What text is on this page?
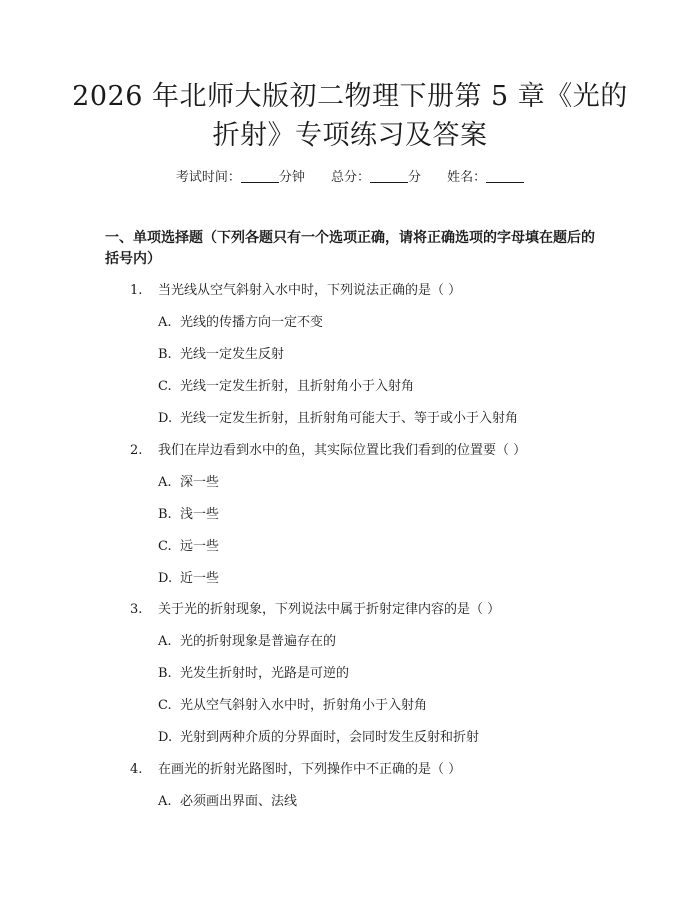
2026 年北师大版初二物理下册第 5 章《光的
折射》专项练习及答案
考试时间：	分钟 总分：	分 姓名：
一、单项选择题（下列各题只有一个选项正确，请将正确选项的字母填在题后的
括号内）
1. 当光线从空气斜射入水中时，下列说法正确的是（ ）
A. 光线的传播方向一定不变
B. 光线一定发生反射
C. 光线一定发生折射，且折射角小于入射角
D. 光线一定发生折射，且折射角可能大于、等于或小于入射角
2. 我们在岸边看到水中的鱼，其实际位置比我们看到的位置要（ ）
A. 深一些
B. 浅一些
C. 远一些
D. 近一些
3. 关于光的折射现象，下列说法中属于折射定律内容的是（ ）
A. 光的折射现象是普遍存在的
B. 光发生折射时，光路是可逆的
C. 光从空气斜射入水中时，折射角小于入射角
D. 光射到两种介质的分界面时，会同时发生反射和折射
4. 在画光的折射光路图时，下列操作中不正确的是（ ）
A. 必须画出界面、法线
